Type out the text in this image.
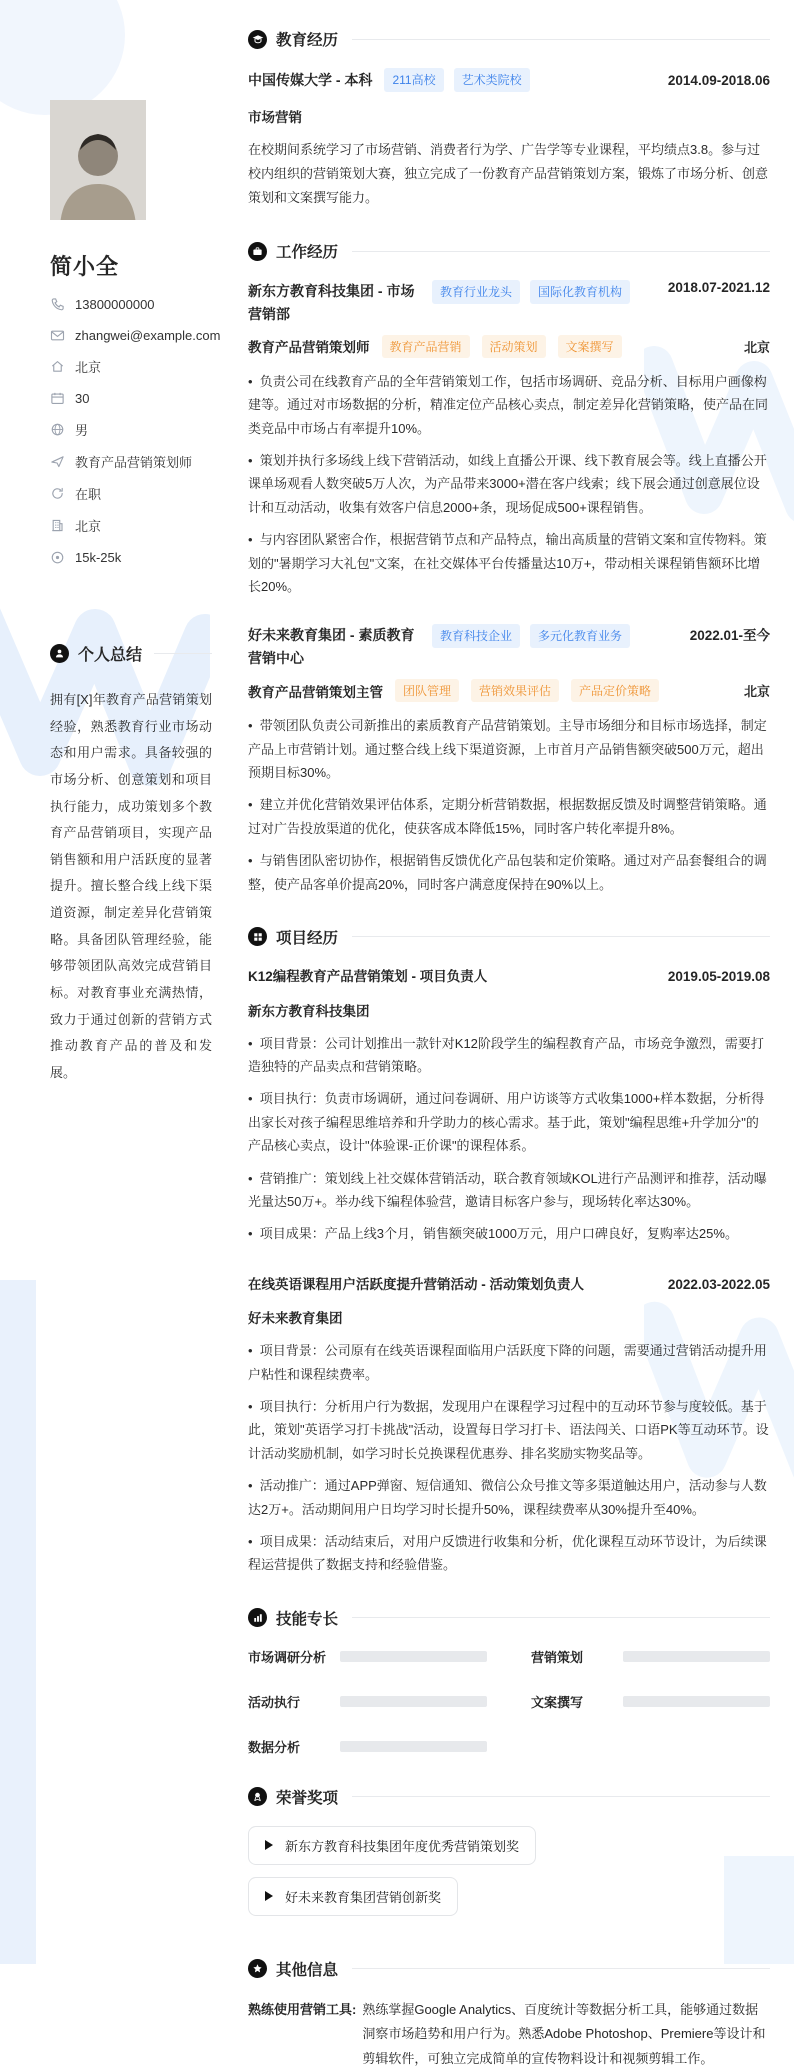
简小全
13800000000
zhangwei@example.com
北京
30
男
教育产品营销策划师
在职
北京
15k-25k
个人总结

拥有[X]年教育产品营销策划经验，熟悉教育行业市场动态和用户需求。具备较强的市场分析、创意策划和项目执行能力，成功策划多个教育产品营销项目，实现产品销售额和用户活跃度的显著提升。擅长整合线上线下渠道资源，制定差异化营销策略。具备团队管理经验，能够带领团队高效完成营销目标。对教育事业充满热情，致力于通过创新的营销方式推动教育产品的普及和发展。

教育经历
中国传媒大学 - 本科	211高校	艺术类院校	2014.09-2018.06
市场营销

在校期间系统学习了市场营销、消费者行为学、广告学等专业课程，平均绩点3.8。参与过校内组织的营销策划大赛，独立完成了一份教育产品营销策划方案，锻炼了市场分析、创意策划和文案撰写能力。

工作经历
新东方教育科技集团 - 市场营销部
教育行业龙头	国际化教育机构	2018.07-2021.12
教育产品营销策划师	教育产品营销	活动策划	文案撰写	北京

•  负责公司在线教育产品的全年营销策划工作，包括市场调研、竞品分析、目标用户画像构建等。通过对市场数据的分析，精准定位产品核心卖点，制定差异化营销策略，使产品在同类竞品中市场占有率提升10%。

•  策划并执行多场线上线下营销活动，如线上直播公开课、线下教育展会等。线上直播公开课单场观看人数突破5万人次，为产品带来3000+潜在客户线索；线下展会通过创意展位设计和互动活动，收集有效客户信息2000+条，现场促成500+课程销售。

•  与内容团队紧密合作，根据营销节点和产品特点，输出高质量的营销文案和宣传物料。策划的"暑期学习大礼包"文案，在社交媒体平台传播量达10万+，带动相关课程销售额环比增长20%。

好未来教育集团 - 素质教育营销中心
教育科技企业	多元化教育业务	2022.01-至今
教育产品营销策划主管	团队管理	营销效果评估	产品定价策略	北京

•  带领团队负责公司新推出的素质教育产品营销策划。主导市场细分和目标市场选择，制定产品上市营销计划。通过整合线上线下渠道资源，上市首月产品销售额突破500万元，超出预期目标30%。

•  建立并优化营销效果评估体系，定期分析营销数据，根据数据反馈及时调整营销策略。通过对广告投放渠道的优化，使获客成本降低15%，同时客户转化率提升8%。

•  与销售团队密切协作，根据销售反馈优化产品包装和定价策略。通过对产品套餐组合的调整，使产品客单价提高20%，同时客户满意度保持在90%以上。

项目经历
K12编程教育产品营销策划 - 项目负责人	2019.05-2019.08
新东方教育科技集团

•  项目背景：公司计划推出一款针对K12阶段学生的编程教育产品，市场竞争激烈，需要打造独特的产品卖点和营销策略。

•  项目执行：负责市场调研，通过问卷调研、用户访谈等方式收集1000+样本数据，分析得出家长对孩子编程思维培养和升学助力的核心需求。基于此，策划"编程思维+升学加分"的产品核心卖点，设计"体验课-正价课"的课程体系。

•  营销推广：策划线上社交媒体营销活动，联合教育领域KOL进行产品测评和推荐，活动曝光量达50万+。举办线下编程体验营，邀请目标客户参与，现场转化率达30%。

•  项目成果：产品上线3个月，销售额突破1000万元，用户口碑良好，复购率达25%。

在线英语课程用户活跃度提升营销活动 - 活动策划负责人	2022.03-2022.05
好未来教育集团

•  项目背景：公司原有在线英语课程面临用户活跃度下降的问题，需要通过营销活动提升用户粘性和课程续费率。

•  项目执行：分析用户行为数据，发现用户在课程学习过程中的互动环节参与度较低。基于此，策划"英语学习打卡挑战"活动，设置每日学习打卡、语法闯关、口语PK等互动环节。设计活动奖励机制，如学习时长兑换课程优惠券、排名奖励实物奖品等。

•  活动推广：通过APP弹窗、短信通知、微信公众号推文等多渠道触达用户，活动参与人数达2万+。活动期间用户日均学习时长提升50%，课程续费率从30%提升至40%。

•  项目成果：活动结束后，对用户反馈进行收集和分析，优化课程互动环节设计，为后续课程运营提供了数据支持和经验借鉴。

技能专长
市场调研分析	营销策划
活动执行	文案撰写
数据分析
荣誉奖项
新东方教育科技集团年度优秀营销策划奖
好未来教育集团营销创新奖
其他信息
熟练使用营销工具: 熟练掌握Google Analytics、百度统计等数据分析工具，能够通过数据洞察市场趋势和用户行为。熟悉Adobe Photoshop、Premiere等设计和剪辑软件，可独立完成简单的宣传物料设计和视频剪辑工作。
